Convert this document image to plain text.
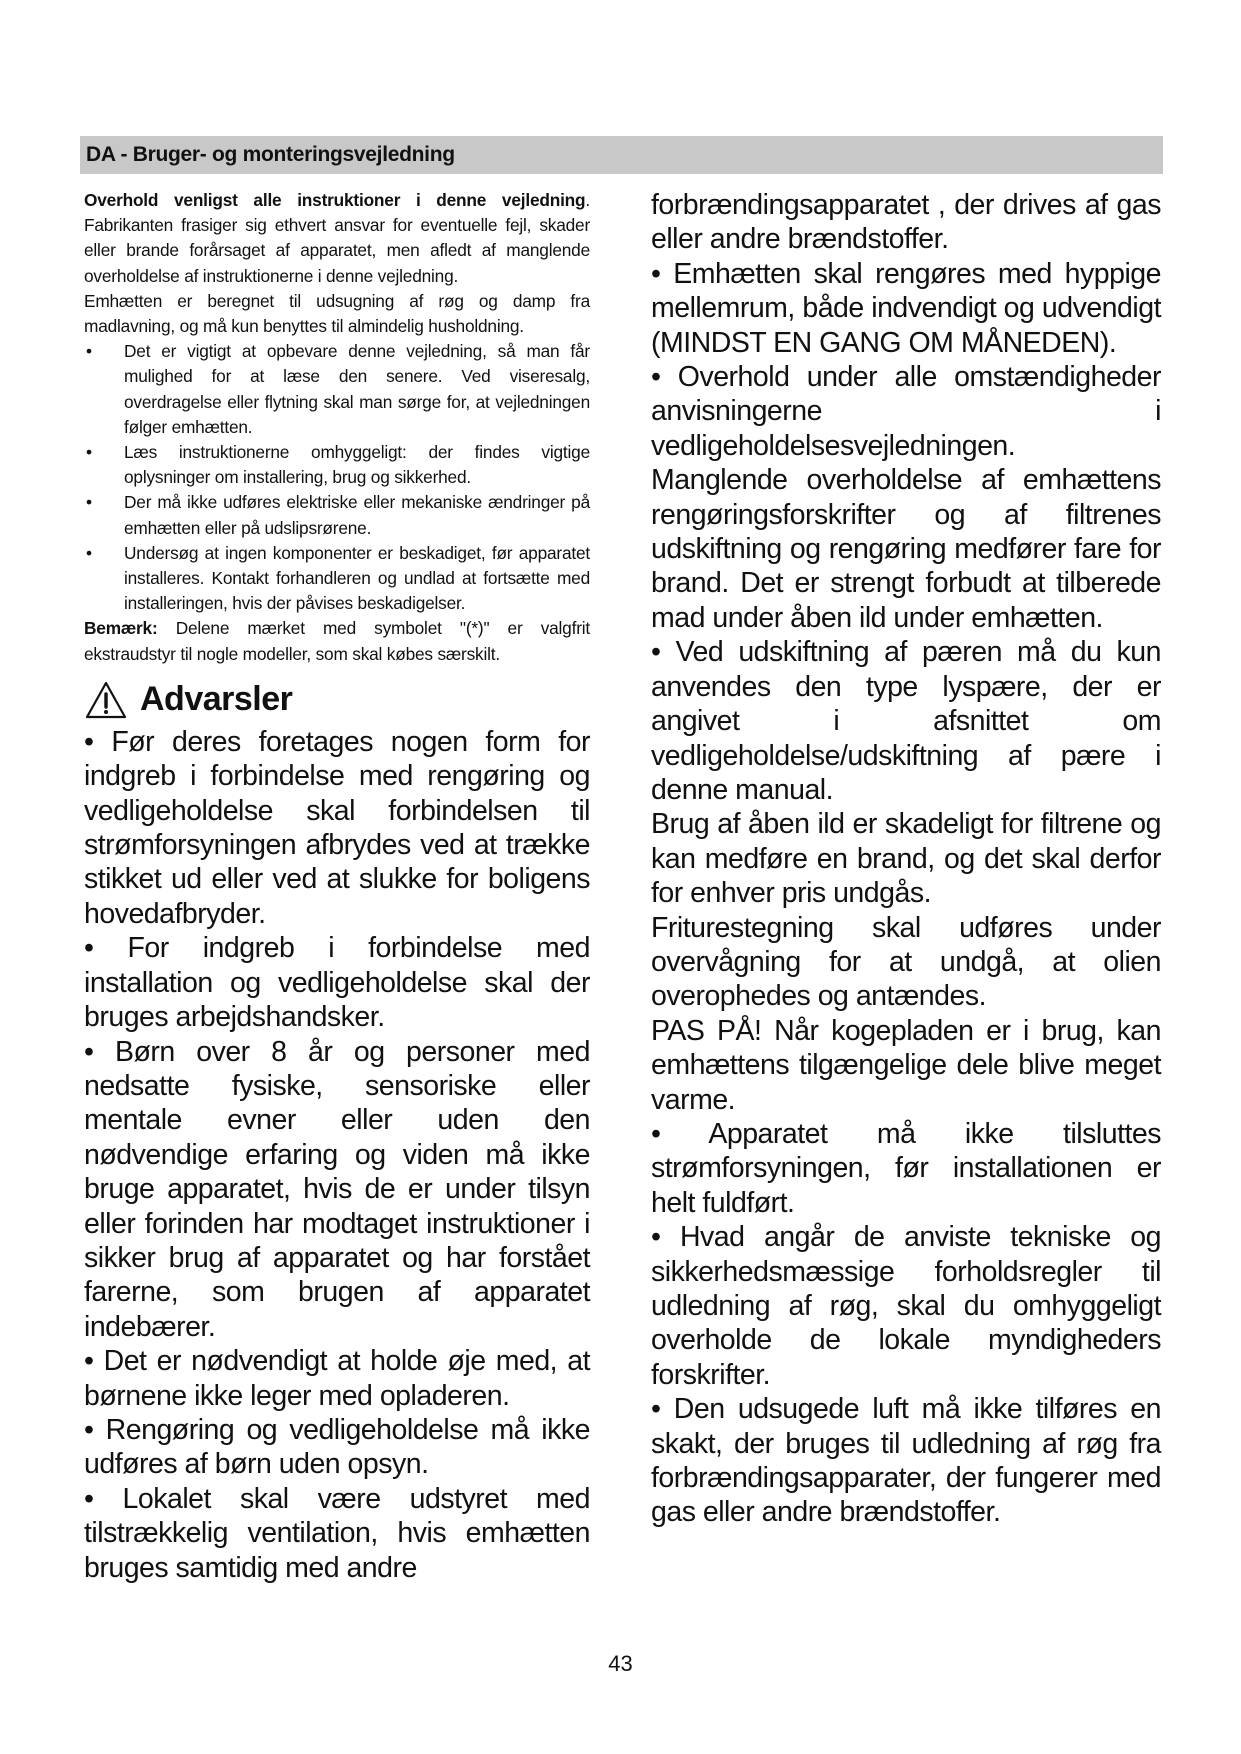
DA - Bruger- og monteringsvejledning

Overhold venligst alle instruktioner i denne vejledning. Fabrikanten frasiger sig ethvert ansvar for eventuelle fejl, skader eller brande forårsaget af apparatet, men afledt af manglende overholdelse af instruktionerne i denne vejledning.

Emhætten er beregnet til udsugning af røg og damp fra madlavning, og må kun benyttes til almindelig husholdning.

• Det er vigtigt at opbevare denne vejledning, så man får mulighed for at læse den senere. Ved viseresalg, overdragelse eller flytning skal man sørge for, at vejledningen følger emhætten.
• Læs instruktionerne omhyggeligt: der findes vigtige oplysninger om installering, brug og sikkerhed.
• Der må ikke udføres elektriske eller mekaniske ændringer på emhætten eller på udslipsrørene.
• Undersøg at ingen komponenter er beskadiget, før apparatet installeres. Kontakt forhandleren og undlad at fortsætte med installeringen, hvis der påvises beskadigelser.

Bemærk: Delene mærket med symbolet "(*)" er valgfrit ekstraudstyr til nogle modeller, som skal købes særskilt.

Advarsler

• Før deres foretages nogen form for indgreb i forbindelse med rengøring og vedligeholdelse skal forbindelsen til strømforsyningen afbrydes ved at trække stikket ud eller ved at slukke for boligens hovedafbryder.

• For indgreb i forbindelse med installation og vedligeholdelse skal der bruges arbejdshandsker.

• Børn over 8 år og personer med nedsatte fysiske, sensoriske eller mentale evner eller uden den nødvendige erfaring og viden må ikke bruge apparatet, hvis de er under tilsyn eller forinden har modtaget instruktioner i sikker brug af apparatet og har forstået farerne, som brugen af apparatet indebærer.

• Det er nødvendigt at holde øje med, at børnene ikke leger med opladeren.

• Rengøring og vedligeholdelse må ikke udføres af børn uden opsyn.

• Lokalet skal være udstyret med tilstrækkelig ventilation, hvis emhætten bruges samtidig med andre

forbrændingsapparatet , der drives af gas eller andre brændstoffer.

• Emhætten skal rengøres med hyppige mellemrum, både indvendigt og udvendigt (MINDST EN GANG OM MÅNEDEN).

• Overhold under alle omstændigheder anvisningerne i vedligeholdelsesvejledningen.

Manglende overholdelse af emhættens rengøringsforskrifter og af filtrenes udskiftning og rengøring medfører fare for brand. Det er strengt forbudt at tilberede mad under åben ild under emhætten.

• Ved udskiftning af pæren må du kun anvendes den type lyspære, der er angivet i afsnittet om vedligeholdelse/udskiftning af pære i denne manual.

Brug af åben ild er skadeligt for filtrene og kan medføre en brand, og det skal derfor for enhver pris undgås.

Friturestegning skal udføres under overvågning for at undgå, at olien overophedes og antændes.

PAS PÅ! Når kogepladen er i brug, kan emhættens tilgængelige dele blive meget varme.

• Apparatet må ikke tilsluttes strømforsyningen, før installationen er helt fuldført.

• Hvad angår de anviste tekniske og sikkerhedsmæssige forholdsregler til udledning af røg, skal du omhyggeligt overholde de lokale myndigheders forskrifter.

• Den udsugede luft må ikke tilføres en skakt, der bruges til udledning af røg fra forbrændingsapparater, der fungerer med gas eller andre brændstoffer.

43
